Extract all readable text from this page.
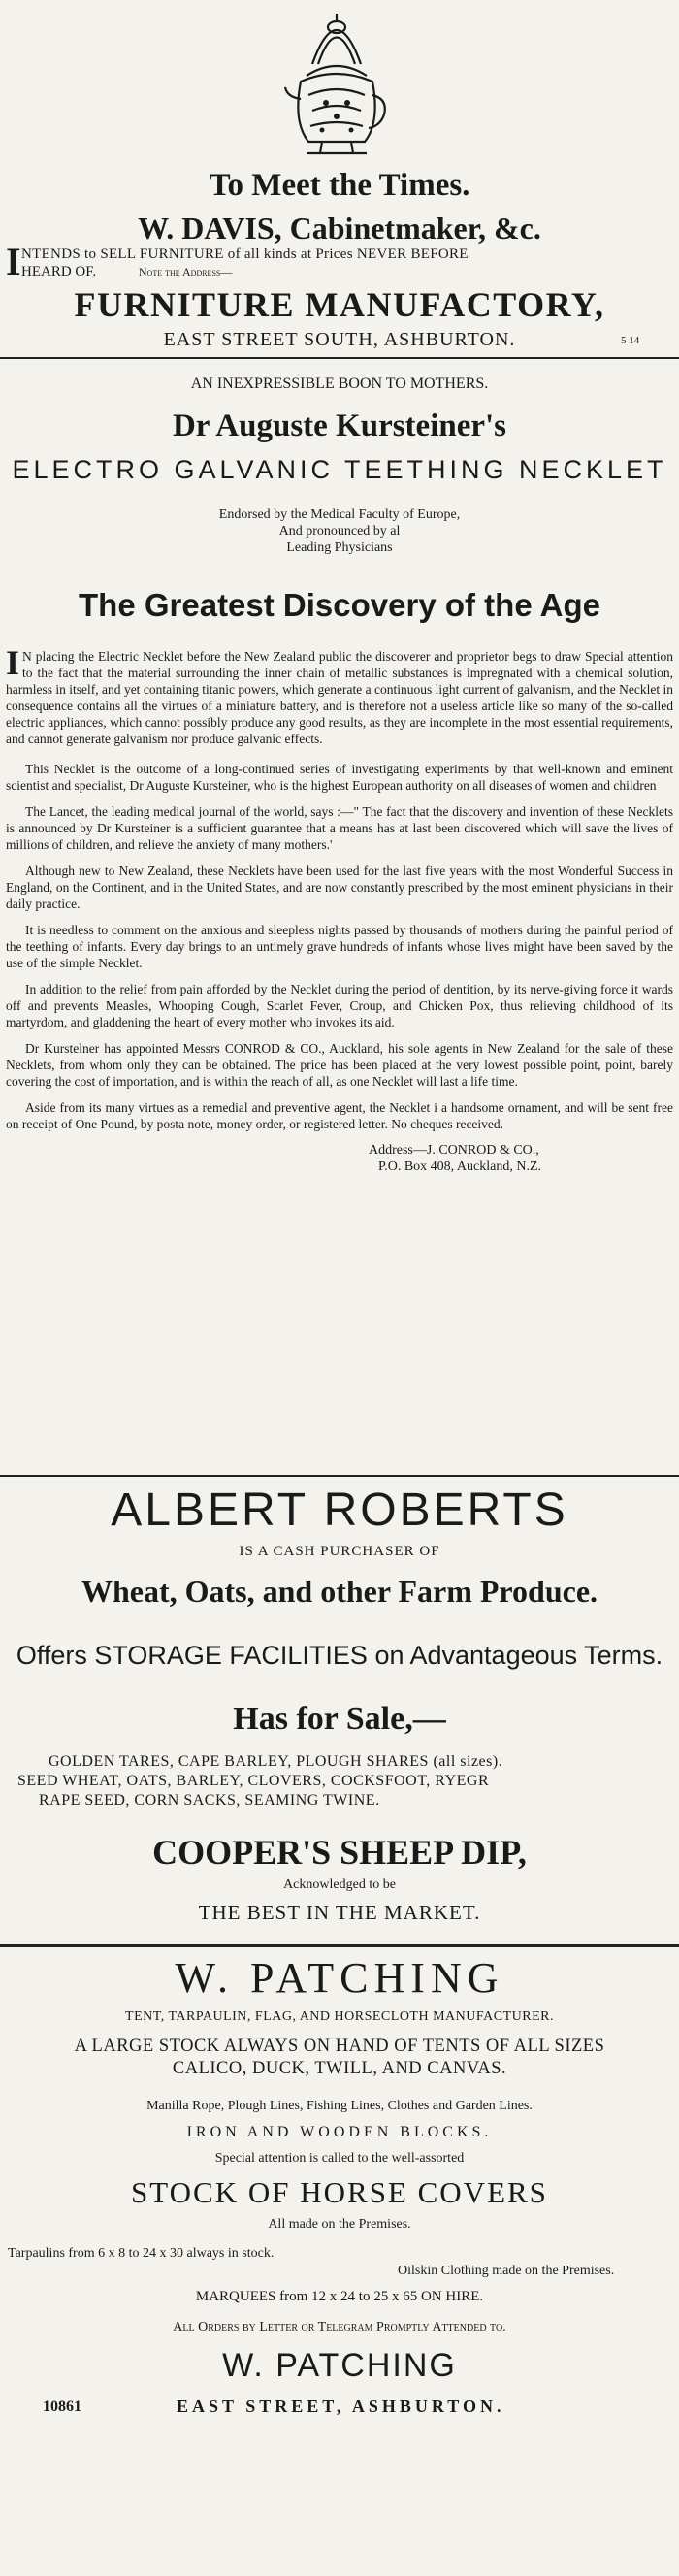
To Meet the Times.
W. DAVIS, Cabinetmaker, &c.
I NTENDS to SELL FURNITURE of all kinds at Prices NEVER BEFORE
HEARD OF.	Note the Address—
FURNITURE MANUFACTORY,
EAST STREET SOUTH, ASHBURTON.	5 14
AN INEXPRESSIBLE BOON TO MOTHERS.
Dr Auguste Kursteiner's
ELECTRO GALVANIC TEETHING NECKLET
Endorsed by the Medical Faculty of Europe,
And pronounced by al
Leading Physicians
The Greatest Discovery of the Age
I N placing the Electric Necklet before the New Zealand public the discoverer and proprietor begs to draw Special attention to the fact that the material surrounding the inner chain of metallic substances is impregnated with a chemical solution, harmless in itself, and yet containing titanic powers, which generate a continuous light current of galvanism, and the Necklet in consequence contains all the virtues of a miniature battery, and is therefore not a useless article like so many of the so-called electric appliances, which cannot possibly produce any good results, as they are incomplete in the most essential requirements, and cannot generate galvanism nor produce galvanic effects.
This Necklet is the outcome of a long-continued series of investigating experiments by that well-known and eminent scientist and specialist, Dr Auguste Kursteiner, who is the highest European authority on all diseases of women and children
The Lancet, the leading medical journal of the world, says :—" The fact that the discovery and invention of these Necklets is announced by Dr Kursteiner is a sufficient guarantee that a means has at last been discovered which will save the lives of millions of children, and relieve the anxiety of many mothers.'
Although new to New Zealand, these Necklets have been used for the last five years with the most Wonderful Success in England, on the Continent, and in the United States, and are now constantly prescribed by the most eminent physicians in their daily practice.
It is needless to comment on the anxious and sleepless nights passed by thousands of mothers during the painful period of the teething of infants. Every day brings to an untimely grave hundreds of infants whose lives might have been saved by the use of the simple Necklet.
In addition to the relief from pain afforded by the Necklet during the period of dentition, by its nerve-giving force it wards off and prevents Measles, Whooping Cough, Scarlet Fever, Croup, and Chicken Pox, thus relieving childhood of its martyrdom, and gladdening the heart of every mother who invokes its aid.
Dr Kurstelner has appointed Messrs CONROD & CO., Auckland, his sole agents in New Zealand for the sale of these Necklets, from whom only they can be obtained. The price has been placed at the very lowest possible point, point, barely covering the cost of importation, and is within the reach of all, as one Necklet will last a life time.
Aside from its many virtues as a remedial and preventive agent, the Necklet i a handsome ornament, and will be sent free on receipt of One Pound, by posta note, money order, or registered letter. No cheques received.
Address—J. CONROD & CO.,
P.O. Box 408, Auckland, N.Z.
ALBERT ROBERTS
IS A CASH PURCHASER OF
Wheat, Oats, and other Farm Produce.
Offers STORAGE FACILITIES on Advantageous Terms.
Has for Sale,—
GOLDEN TARES, CAPE BARLEY, PLOUGH SHARES (all sizes).
SEED WHEAT, OATS, BARLEY, CLOVERS, COCKSFOOT, RYEGR
RAPE SEED, CORN SACKS, SEAMING TWINE.
COOPER'S SHEEP DIP,
Acknowledged to be
THE BEST IN THE MARKET.
W. PATCHING
TENT, TARPAULIN, FLAG, AND HORSECLOTH MANUFACTURER.
A LARGE STOCK ALWAYS ON HAND OF TENTS OF ALL SIZES
CALICO, DUCK, TWILL, AND CANVAS.
Manilla Rope, Plough Lines, Fishing Lines, Clothes and Garden Lines.
IRON AND WOODEN BLOCKS.
Special attention is called to the well-assorted
STOCK OF HORSE COVERS
All made on the Premises.
Tarpaulins from 6 x 8 to 24 x 30 always in stock.
Oilskin Clothing made on the Premises.
MARQUEES from 12 x 24 to 25 x 65 ON HIRE.
All Orders by Letter or Telegram Promptly Attended to.
W. PATCHING
10861	EAST STREET, ASHBURTON.
